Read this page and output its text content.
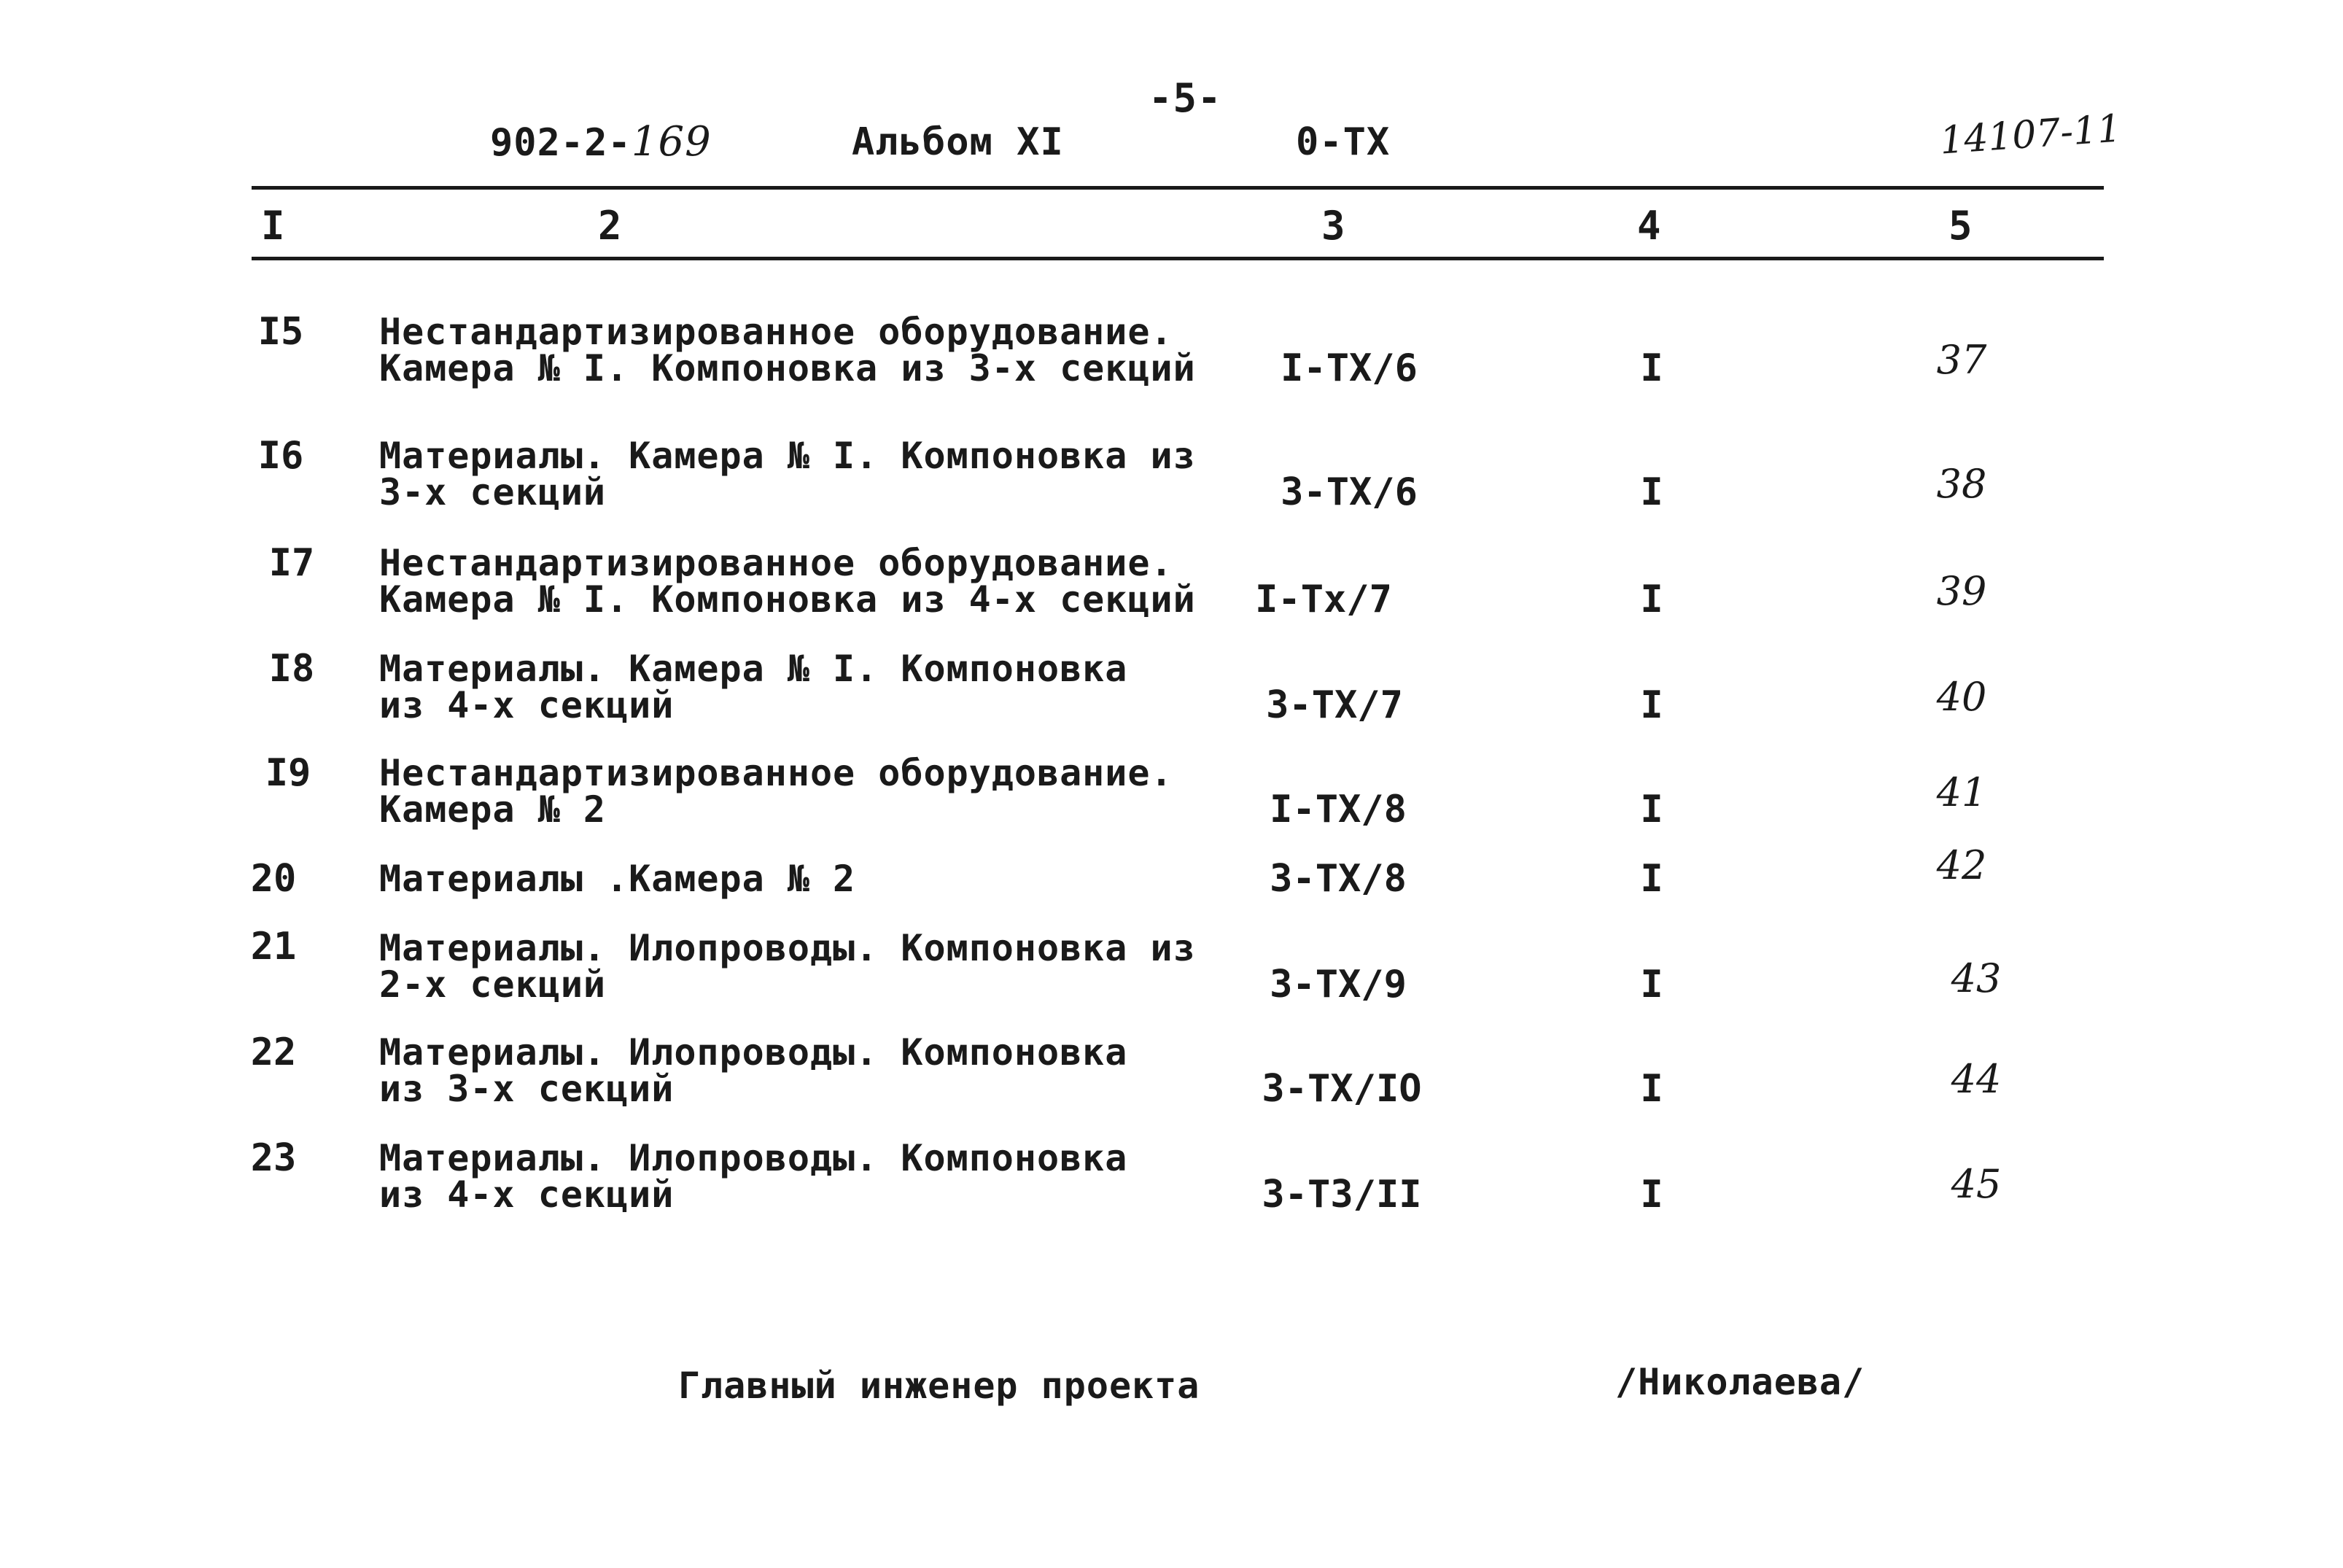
-5-
902-2-169	Альбом XI	0-TX	14107-11
I	2	3	4	5
I5	Нестандартизированное оборудование.
Камера № I. Компоновка из 3-х секций	I-TX/6	I	37
I6	Материалы. Камера № I. Компоновка из
3-х секций	3-TX/6	I	38
I7	Нестандартизированное оборудование.
Камера № I. Компоновка из 4-х секций	I-Tx/7	I	39
I8	Материалы. Камера № I. Компоновка
из 4-х секций	3-TX/7	I	40
I9	Нестандартизированное оборудование.
Камера № 2	I-TX/8	I	41
20	Материалы .Камера № 2	3-TX/8	I	42
21	Материалы. Илопроводы. Компоновка из
2-х секций	3-TX/9	I	43
22	Материалы. Илопроводы. Компоновка
из 3-х секций	3-TX/IO	I	44
23	Материалы. Илопроводы. Компоновка
из 4-х секций	3-T3/II	I	45
Главный инженер проекта	/Николаева/
